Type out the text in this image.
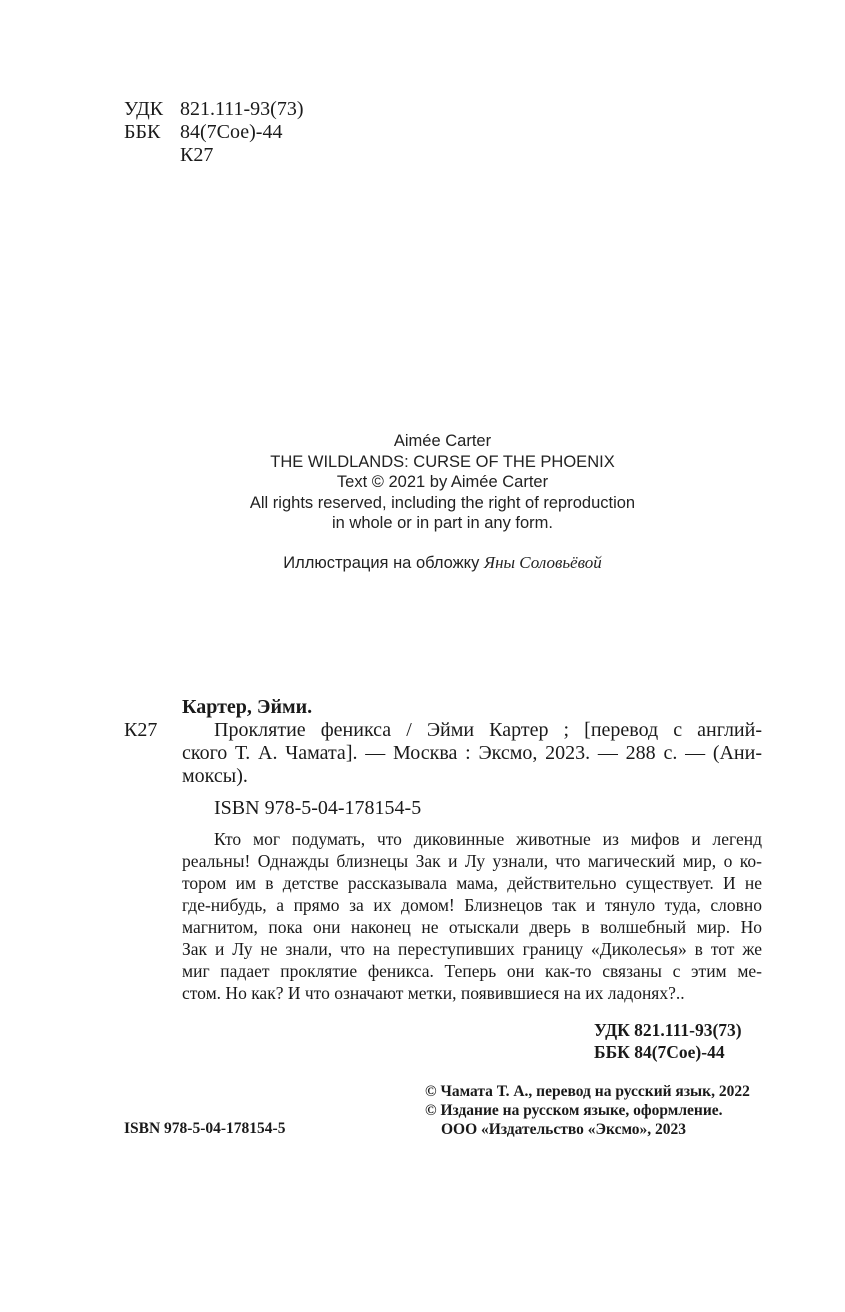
УДК 821.111-93(73)
ББК 84(7Сое)-44
К27
Aimée Carter
THE WILDLANDS: CURSE OF THE PHOENIX
Text © 2021 by Aimée Carter
All rights reserved, including the right of reproduction
in whole or in part in any form.
Иллюстрация на обложку Яны Соловьёвой
Картер, Эйми.
К27	Проклятие феникса / Эйми Картер ; [перевод с англий-
ского Т. А. Чамата]. — Москва : Эксмо, 2023. — 288 с. — (Ани-
моксы).
ISBN 978-5-04-178154-5
Кто мог подумать, что диковинные животные из мифов и легенд
реальны! Однажды близнецы Зак и Лу узнали, что магический мир, о ко-
тором им в детстве рассказывала мама, действительно существует. И не
где-нибудь, а прямо за их домом! Близнецов так и тянуло туда, словно
магнитом, пока они наконец не отыскали дверь в волшебный мир. Но
Зак и Лу не знали, что на переступивших границу «Диколесья» в тот же
миг падает проклятие феникса. Теперь они как-то связаны с этим ме-
стом. Но как? И что означают метки, появившиеся на их ладонях?..
УДК 821.111-93(73)
ББК 84(7Сое)-44
ISBN 978-5-04-178154-5
© Чамата Т. А., перевод на русский язык, 2022
© Издание на русском языке, оформление.
ООО «Издательство «Эксмо», 2023
